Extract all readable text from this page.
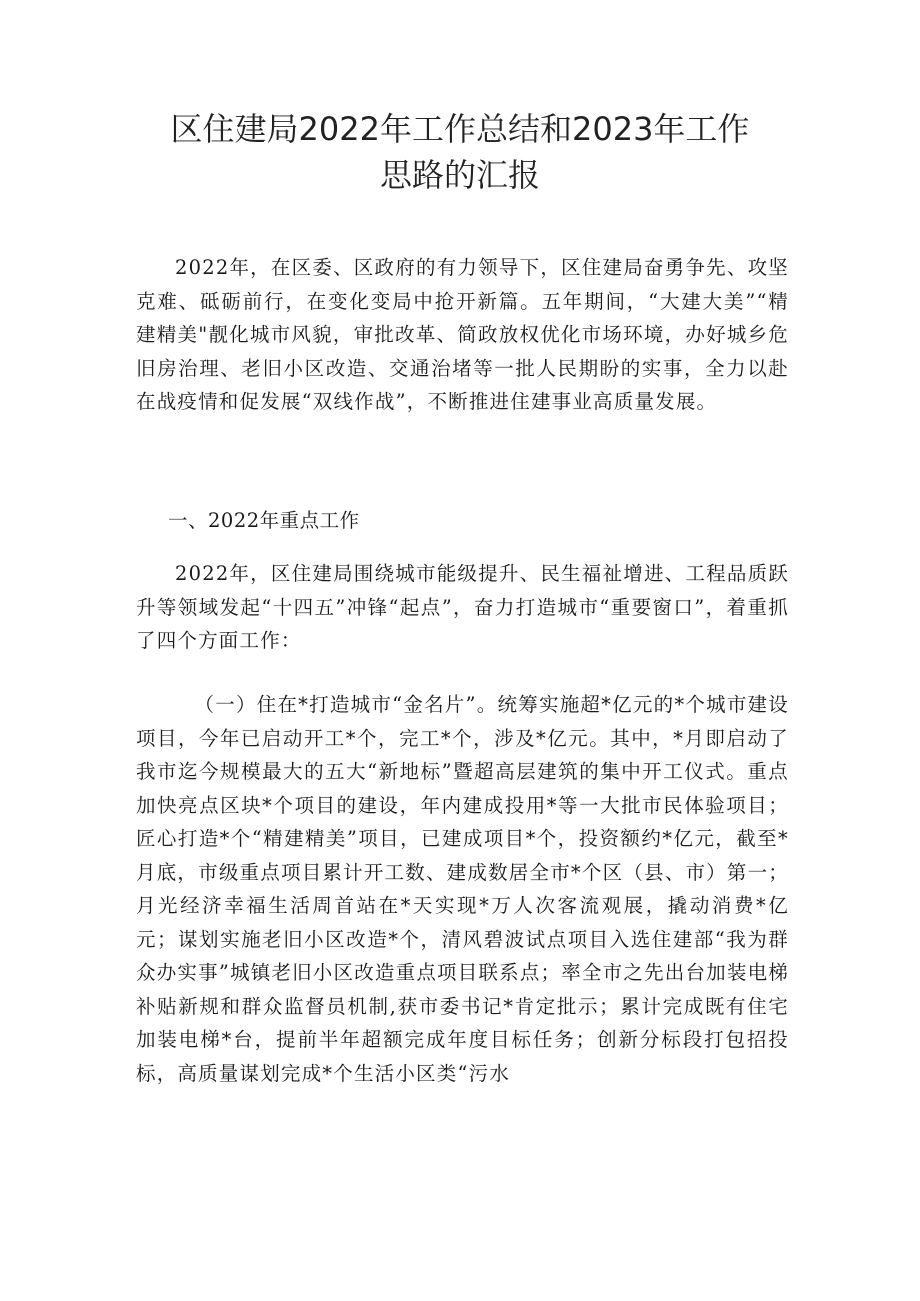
区住建局2022年工作总结和2023年工作
思路的汇报

2022年，在区委、区政府的有力领导下，区住建局奋勇争先、攻坚克难、砥砺前行，在变化变局中抢开新篇。五年期间，“大建大美”“精建精美"靓化城市风貌，审批改革、简政放权优化市场环境，办好城乡危旧房治理、老旧小区改造、交通治堵等一批人民期盼的实事，全力以赴在战疫情和促发展“双线作战”，不断推进住建事业高质量发展。

一、2022年重点工作

2022年，区住建局围绕城市能级提升、民生福祉增进、工程品质跃升等领域发起“十四五”冲锋“起点”，奋力打造城市“重要窗口”，着重抓了四个方面工作：

（一）住在*打造城市“金名片”。统筹实施超*亿元的*个城市建设项目，今年已启动开工*个，完工*个，涉及*亿元。其中，*月即启动了我市迄今规模最大的五大“新地标”暨超高层建筑的集中开工仪式。重点加快亮点区块*个项目的建设，年内建成投用*等一大批市民体验项目；匠心打造*个“精建精美”项目，已建成项目*个，投资额约*亿元，截至*月底，市级重点项目累计开工数、建成数居全市*个区（县、市）第一；月光经济幸福生活周首站在*天实现*万人次客流观展，撬动消费*亿元；谋划实施老旧小区改造*个，清风碧波试点项目入选住建部“我为群众办实事”城镇老旧小区改造重点项目联系点；率全市之先出台加装电梯补贴新规和群众监督员机制,获市委书记*肯定批示；累计完成既有住宅加装电梯*台，提前半年超额完成年度目标任务；创新分标段打包招投标，高质量谋划完成*个生活小区类“污水
